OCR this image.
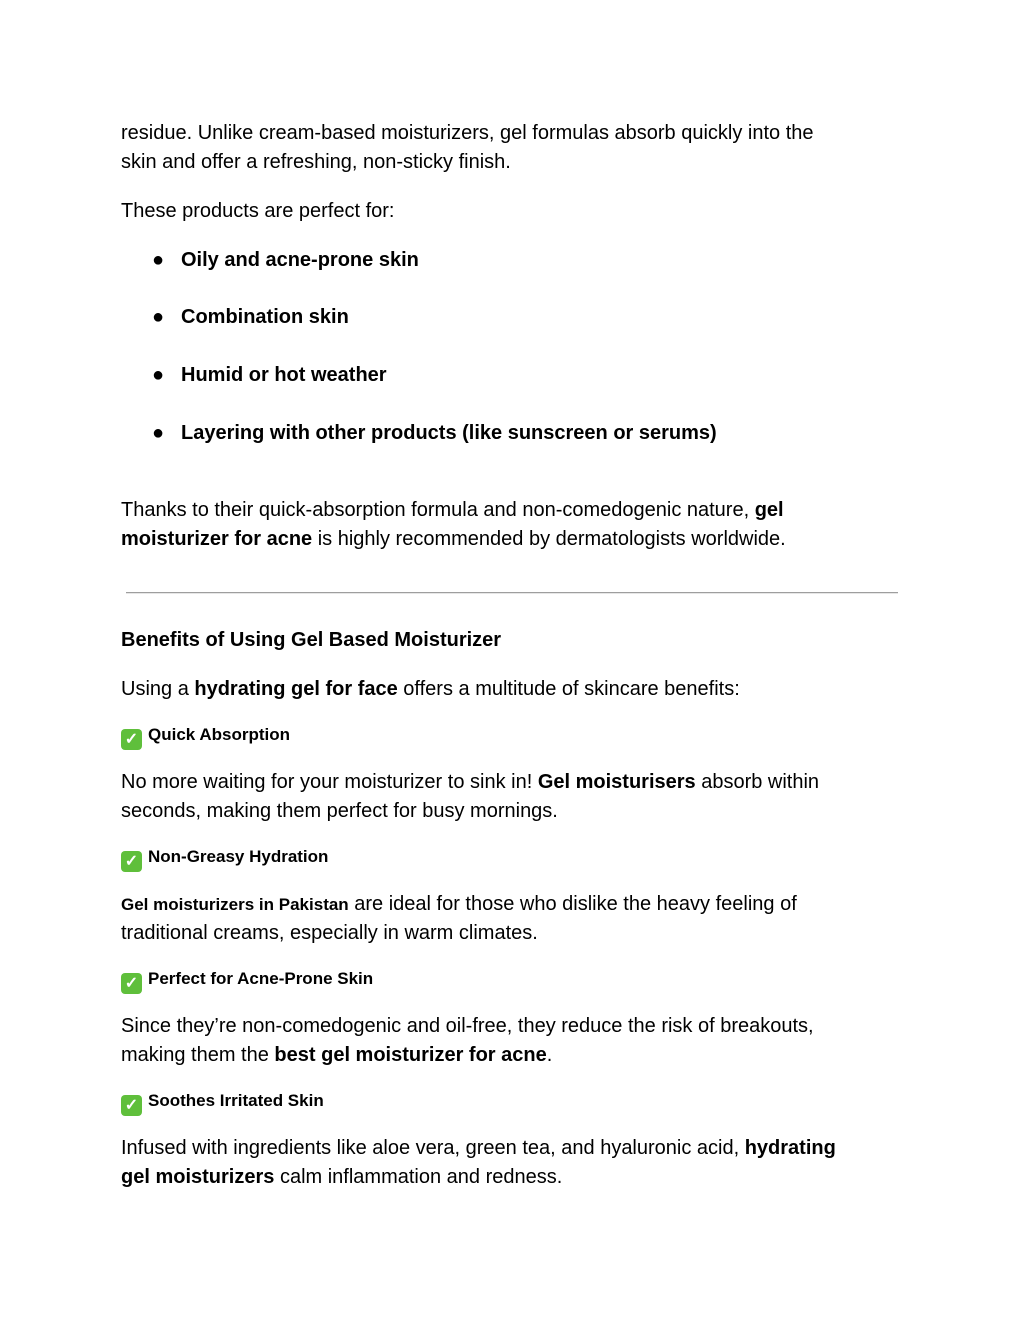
residue. Unlike cream-based moisturizers, gel formulas absorb quickly into the
skin and offer a refreshing, non-sticky finish.
These products are perfect for:
● Oily and acne-prone skin
● Combination skin
● Humid or hot weather
● Layering with other products (like sunscreen or serums)
Thanks to their quick-absorption formula and non-comedogenic nature, gel
moisturizer for acne is highly recommended by dermatologists worldwide.
Benefits of Using Gel Based Moisturizer
Using a hydrating gel for face offers a multitude of skincare benefits:
✓ Quick Absorption
No more waiting for your moisturizer to sink in! Gel moisturisers absorb within
seconds, making them perfect for busy mornings.
✓ Non-Greasy Hydration
Gel moisturizers in Pakistan are ideal for those who dislike the heavy feeling of
traditional creams, especially in warm climates.
✓ Perfect for Acne-Prone Skin
Since they’re non-comedogenic and oil-free, they reduce the risk of breakouts,
making them the best gel moisturizer for acne.
✓ Soothes Irritated Skin
Infused with ingredients like aloe vera, green tea, and hyaluronic acid, hydrating
gel moisturizers calm inflammation and redness.
